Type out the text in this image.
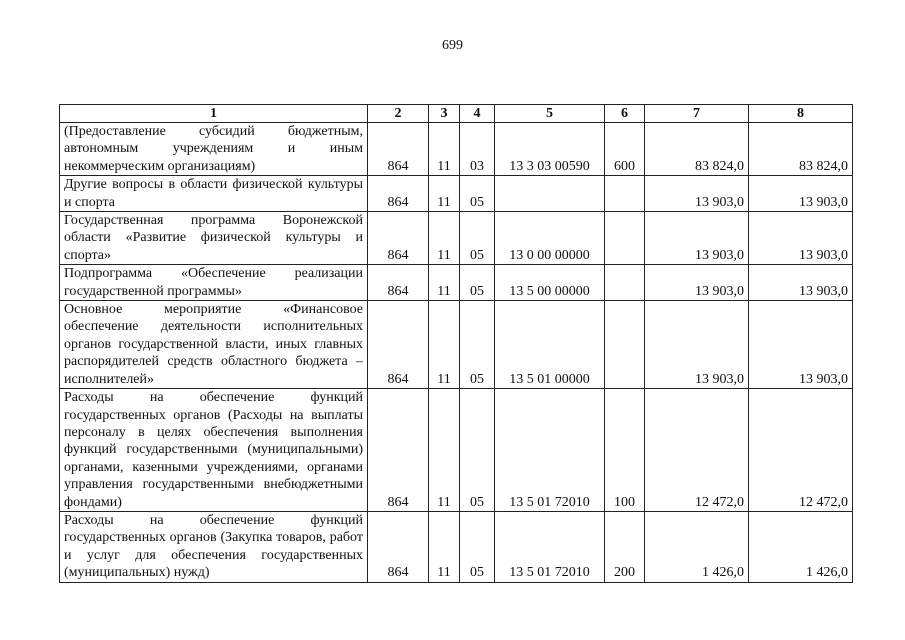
699
1	2	3	4	5	6	7	8
(Предоставление субсидий бюджетным, автономным учреждениям и иным некоммерческим организациям)	864	11	03	13 3 03 00590	600	83 824,0	83 824,0
Другие вопросы в области физической культуры и спорта	864	11	05			13 903,0	13 903,0
Государственная программа Воронежской области «Развитие физической культуры и спорта»	864	11	05	13 0 00 00000		13 903,0	13 903,0
Подпрограмма «Обеспечение реализации государственной программы»	864	11	05	13 5 00 00000		13 903,0	13 903,0
Основное мероприятие «Финансовое обеспечение деятельности исполнительных органов государственной власти, иных главных распорядителей средств областного бюджета – исполнителей»	864	11	05	13 5 01 00000		13 903,0	13 903,0
Расходы на обеспечение функций государственных органов (Расходы на выплаты персоналу в целях обеспечения выполнения функций государственными (муниципальными) органами, казенными учреждениями, органами управления государственными внебюджетными фондами)	864	11	05	13 5 01 72010	100	12 472,0	12 472,0
Расходы на обеспечение функций государственных органов (Закупка товаров, работ и услуг для обеспечения государственных (муниципальных) нужд)	864	11	05	13 5 01 72010	200	1 426,0	1 426,0
